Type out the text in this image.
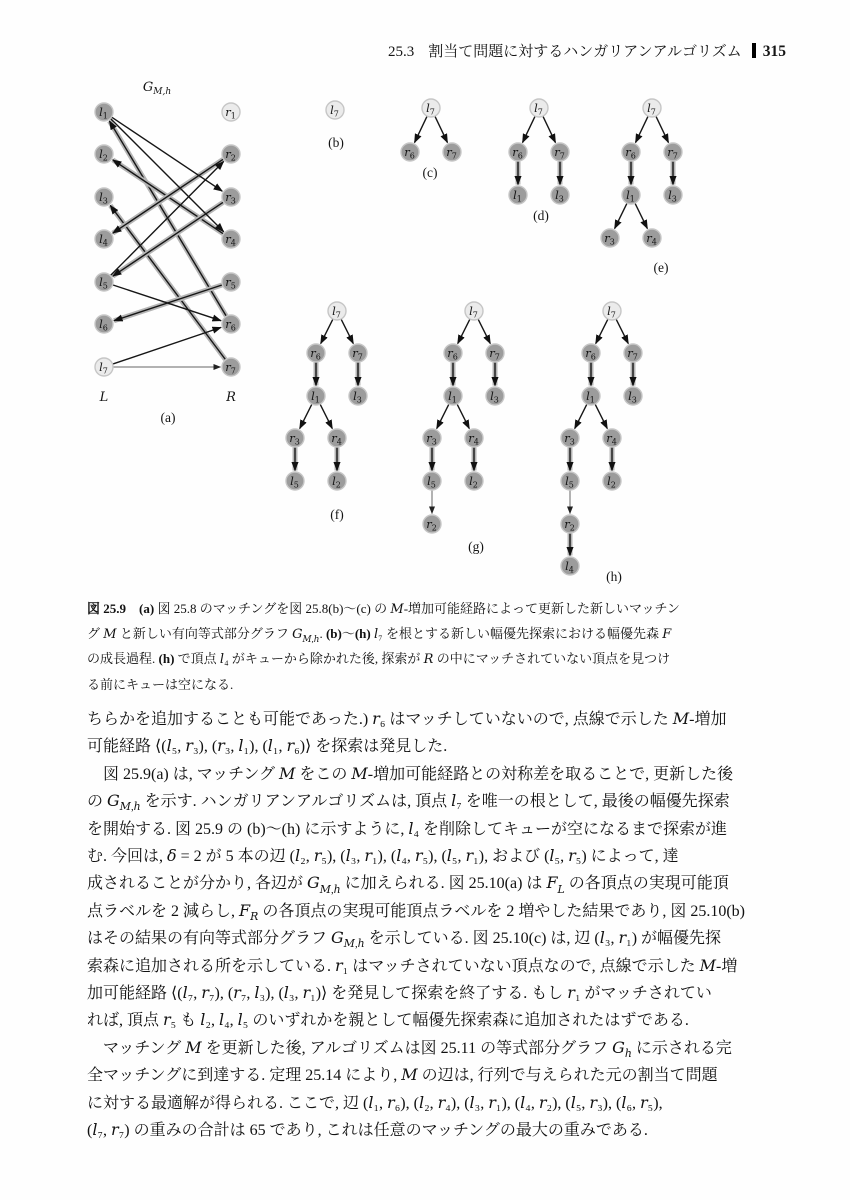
25.3 割当て問題に対するハンガリアンアルゴリズム 315
$l_1$
$l_2$
$l_3$
$l_4$
$l_5$
$l_6$
$l_7$
$r_1$
$r_2$
$r_3$
$r_4$
$r_5$
$r_6$
$r_7$
$G_{M,h}$
L	R
(a)
$l_7$
(b)
$l_7$
$r_6$	$r_7$
(c)
$l_7$
$r_6$	$r_7$
$l_1$	$l_3$
(d)
$l_7$
$r_6$	$r_7$
$l_1$	$l_3$
$r_3$	$r_4$
(e)
$l_7$
$r_6$	$r_7$
$l_1$	$l_3$
$r_3$	$r_4$
$l_5$	$l_2$
(f)
$l_7$
$r_6$	$r_7$
$l_1$	$l_3$
$r_3$	$r_4$
$l_5$	$l_2$
$r_2$
(g)
$l_7$
$r_6$	$r_7$
$l_1$	$l_3$
$r_3$	$r_4$
$l_5$	$l_2$
$r_2$
$l_4$ (h)
図 25.9　 (a) 図 25.8 のマッチングを図 25.8(b)〜(c) の M-増加可能経路によって更新した新しいマッチン
グ M と新しい有向等式部分グラフ $G_{M,h}$. (b)〜(h) l₇ を根とする新しい幅優先探索における幅優先森 F
の成長過程. (h) で頂点 l₄ がキューから除かれた後, 探索が R の中にマッチされていない頂点を見つけ
る前にキューは空になる.
ちらかを追加することも可能であった.) r₆ はマッチしていないので, 点線で示した M-増加
可能経路 ⟨(l₅, r₃), (r₃, l₁), (l₁, r₆)⟩ を探索は発見した.
　図 25.9(a) は, マッチング M をこの M-増加可能経路との対称差を取ることで, 更新した後
の $G_{M,h}$ を示す. ハンガリアンアルゴリズムは, 頂点 l₇ を唯一の根として, 最後の幅優先探索
を開始する. 図 25.9 の (b)〜(h) に示すように, l₄ を削除してキューが空になるまで探索が進
む. 今回は, δ = 2 が 5 本の辺 (l₂, r₅), (l₃, r₁), (l₄, r₅), (l₅, r₁), および (l₅, r₅) によって, 達
成されることが分かり, 各辺が $G_{M,h}$ に加えられる. 図 25.10(a) は $F_L$ の各頂点の実現可能頂
点ラベルを 2 減らし, $F_R$ の各頂点の実現可能頂点ラベルを 2 増やした結果であり, 図 25.10(b)
はその結果の有向等式部分グラフ $G_{M,h}$ を示している. 図 25.10(c) は, 辺 (l₃, r₁) が幅優先探
索森に追加される所を示している. r₁ はマッチされていない頂点なので, 点線で示した M-増
加可能経路 ⟨(l₇, r₇), (r₇, l₃), (l₃, r₁)⟩ を発見して探索を終了する. もし r₁ がマッチされてい
れば, 頂点 r₅ も l₂, l₄, l₅ のいずれかを親として幅優先探索森に追加されたはずである.
　マッチング M を更新した後, アルゴリズムは図 25.11 の等式部分グラフ $G_h$ に示される完
全マッチングに到達する. 定理 25.14 により, M の辺は, 行列で与えられた元の割当て問題
に対する最適解が得られる. ここで, 辺 (l₁, r₆), (l₂, r₄), (l₃, r₁), (l₄, r₂), (l₅, r₃), (l₆, r₅),
(l₇, r₇) の重みの合計は 65 であり, これは任意のマッチングの最大の重みである.
